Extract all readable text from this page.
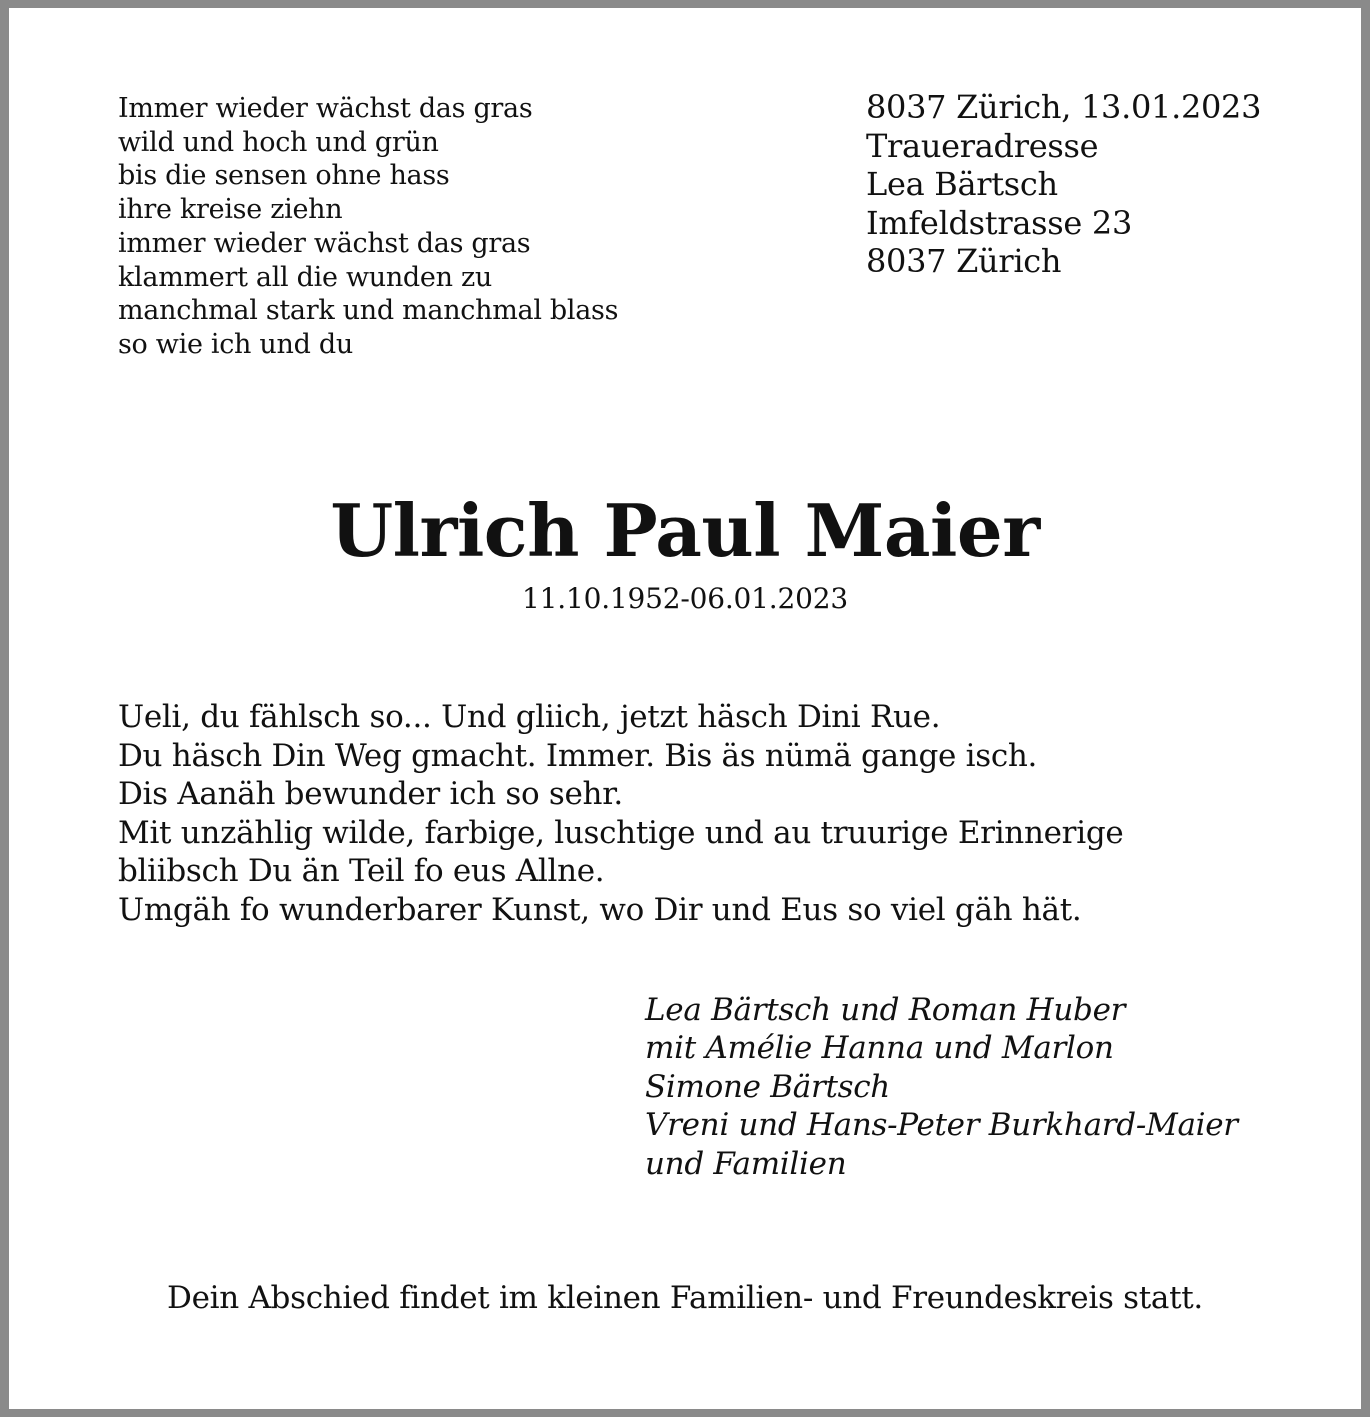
Immer wieder wächst das gras
wild und hoch und grün
bis die sensen ohne hass
ihre kreise ziehn
immer wieder wächst das gras
klammert all die wunden zu
manchmal stark und manchmal blass
so wie ich und du
8037 Zürich, 13.01.2023
Traueradresse
Lea Bärtsch
Imfeldstrasse 23
8037 Zürich
Ulrich Paul Maier
11.10.1952-06.01.2023
Ueli, du fählsch so... Und gliich, jetzt häsch Dini Rue.
Du häsch Din Weg gmacht. Immer. Bis äs nümä gange isch.
Dis Aanäh bewunder ich so sehr.
Mit unzählig wilde, farbige, luschtige und au truurige Erinnerige
bliibsch Du än Teil fo eus Allne.
Umgäh fo wunderbarer Kunst, wo Dir und Eus so viel gäh hät.
Lea Bärtsch und Roman Huber
mit Amélie Hanna und Marlon
Simone Bärtsch
Vreni und Hans-Peter Burkhard-Maier
und Familien
Dein Abschied findet im kleinen Familien- und Freundeskreis statt.
